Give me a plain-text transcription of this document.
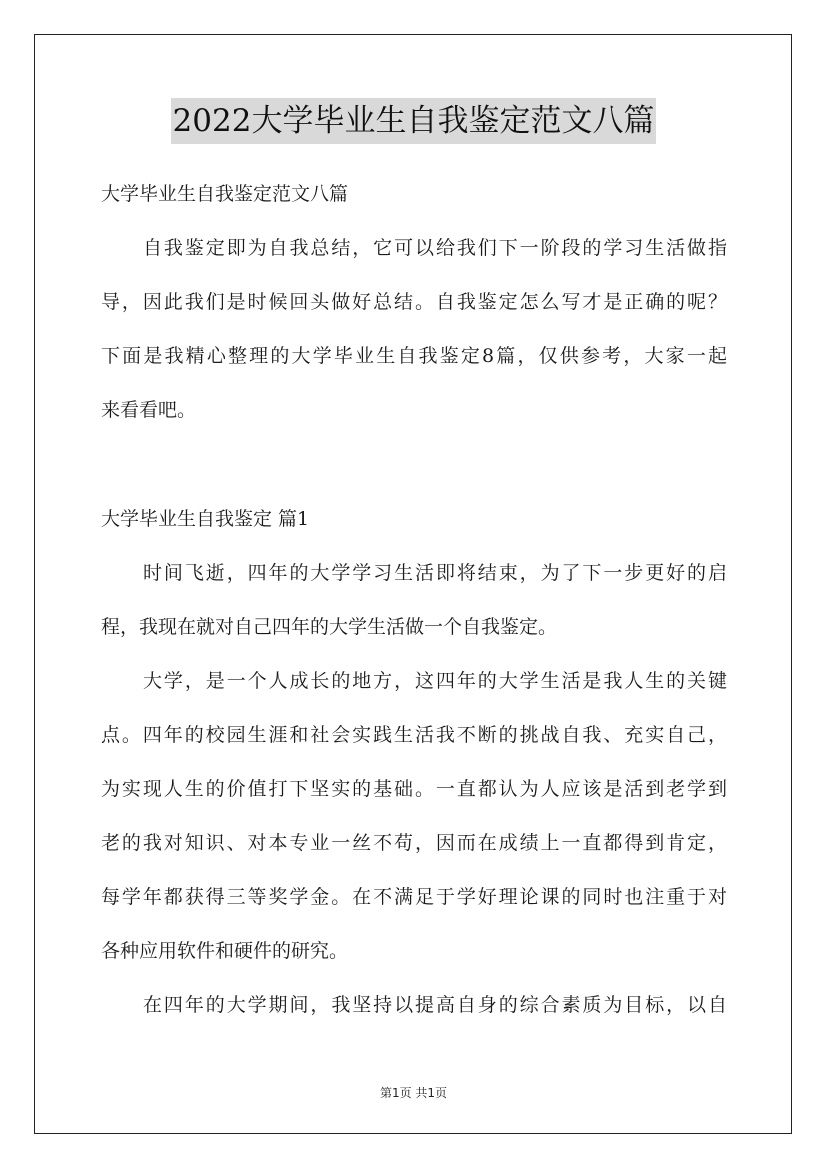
2022大学毕业生自我鉴定范文八篇
大学毕业生自我鉴定范文八篇
自我鉴定即为自我总结，它可以给我们下一阶段的学习生活做指
导，因此我们是时候回头做好总结。自我鉴定怎么写才是正确的呢？
下面是我精心整理的大学毕业生自我鉴定8篇，仅供参考，大家一起
来看看吧。
大学毕业生自我鉴定 篇1
时间飞逝，四年的大学学习生活即将结束，为了下一步更好的启
程，我现在就对自己四年的大学生活做一个自我鉴定。
大学，是一个人成长的地方，这四年的大学生活是我人生的关键
点。四年的校园生涯和社会实践生活我不断的挑战自我、充实自己，
为实现人生的价值打下坚实的基础。一直都认为人应该是活到老学到
老的我对知识、对本专业一丝不苟，因而在成绩上一直都得到肯定，
每学年都获得三等奖学金。在不满足于学好理论课的同时也注重于对
各种应用软件和硬件的研究。
在四年的大学期间，我坚持以提高自身的综合素质为目标，以自
第1页 共1页
